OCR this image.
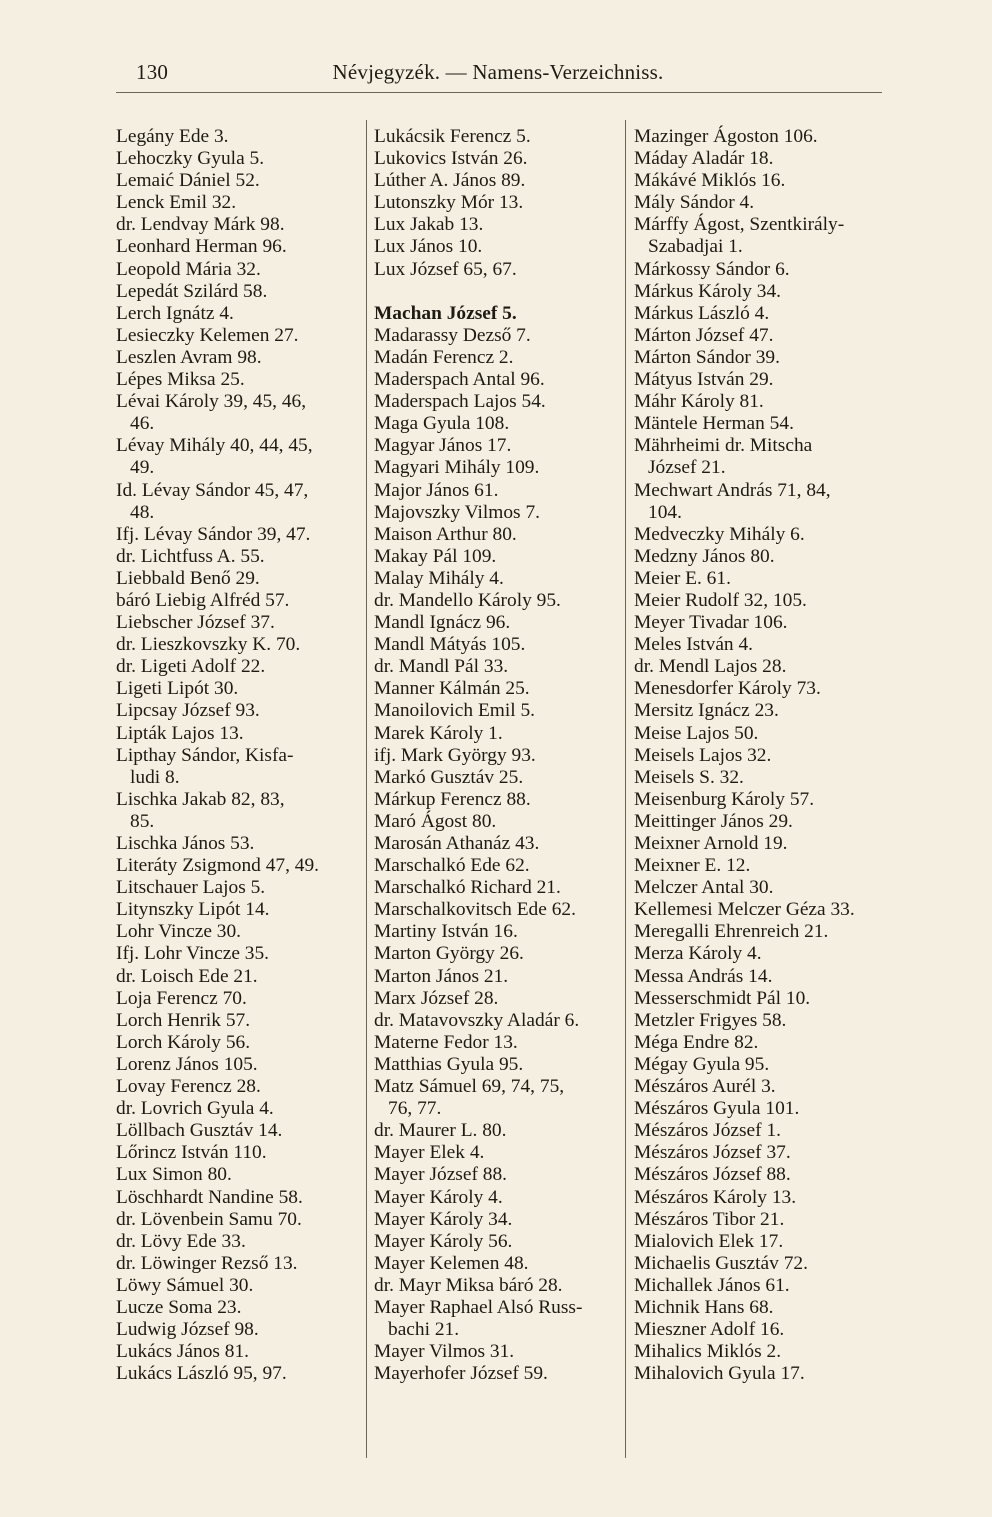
130	Névjegyzék. — Namens-Verzeichniss.
Legány Ede 3.
Lehoczky Gyula 5.
Lemaić Dániel 52.
Lenck Emil 32.
dr. Lendvay Márk 98.
Leonhard Herman 96.
Leopold Mária 32.
Lepedát Szilárd 58.
Lerch Ignátz 4.
Lesieczky Kelemen 27.
Leszlen Avram 98.
Lépes Miksa 25.
Lévai Károly 39, 45, 46,
46.
Lévay Mihály 40, 44, 45,
49.
Id. Lévay Sándor 45, 47,
48.
Ifj. Lévay Sándor 39, 47.
dr. Lichtfuss A. 55.
Liebbald Benő 29.
báró Liebig Alfréd 57.
Liebscher József 37.
dr. Lieszkovszky K. 70.
dr. Ligeti Adolf 22.
Ligeti Lipót 30.
Lipcsay József 93.
Lipták Lajos 13.
Lipthay Sándor, Kisfa-
ludi 8.
Lischka Jakab 82, 83,
85.
Lischka János 53.
Literáty Zsigmond 47, 49.
Litschauer Lajos 5.
Litynszky Lipót 14.
Lohr Vincze 30.
Ifj. Lohr Vincze 35.
dr. Loisch Ede 21.
Loja Ferencz 70.
Lorch Henrik 57.
Lorch Károly 56.
Lorenz János 105.
Lovay Ferencz 28.
dr. Lovrich Gyula 4.
Löllbach Gusztáv 14.
Lőrincz István 110.
Lux Simon 80.
Löschhardt Nandine 58.
dr. Lövenbein Samu 70.
dr. Lövy Ede 33.
dr. Löwinger Rezső 13.
Löwy Sámuel 30.
Lucze Soma 23.
Ludwig József 98.
Lukács János 81.
Lukács László 95, 97.
Lukácsik Ferencz 5.
Lukovics István 26.
Lúther A. János 89.
Lutonszky Mór 13.
Lux Jakab 13.
Lux János 10.
Lux József 65, 67.
Machan József 5.
Madarassy Dezső 7.
Madán Ferencz 2.
Maderspach Antal 96.
Maderspach Lajos 54.
Maga Gyula 108.
Magyar János 17.
Magyari Mihály 109.
Major János 61.
Majovszky Vilmos 7.
Maison Arthur 80.
Makay Pál 109.
Malay Mihály 4.
dr. Mandello Károly 95.
Mandl Ignácz 96.
Mandl Mátyás 105.
dr. Mandl Pál 33.
Manner Kálmán 25.
Manoilovich Emil 5.
Marek Károly 1.
ifj. Mark György 93.
Markó Gusztáv 25.
Márkup Ferencz 88.
Maró Ágost 80.
Marosán Athanáz 43.
Marschalkó Ede 62.
Marschalkó Richard 21.
Marschalkovitsch Ede 62.
Martiny István 16.
Marton György 26.
Marton János 21.
Marx József 28.
dr. Matavovszky Aladár 6.
Materne Fedor 13.
Matthias Gyula 95.
Matz Sámuel 69, 74, 75,
76, 77.
dr. Maurer L. 80.
Mayer Elek 4.
Mayer József 88.
Mayer Károly 4.
Mayer Károly 34.
Mayer Károly 56.
Mayer Kelemen 48.
dr. Mayr Miksa báró 28.
Mayer Raphael Alsó Russ-
bachi 21.
Mayer Vilmos 31.
Mayerhofer József 59.
Mazinger Ágoston 106.
Máday Aladár 18.
Mákávé Miklós 16.
Mály Sándor 4.
Márffy Ágost, Szentkirály-
Szabadjai 1.
Márkossy Sándor 6.
Márkus Károly 34.
Márkus László 4.
Márton József 47.
Márton Sándor 39.
Mátyus István 29.
Máhr Károly 81.
Mäntele Herman 54.
Mährheimi dr. Mitscha
József 21.
Mechwart András 71, 84,
104.
Medveczky Mihály 6.
Medzny János 80.
Meier E. 61.
Meier Rudolf 32, 105.
Meyer Tivadar 106.
Meles István 4.
dr. Mendl Lajos 28.
Menesdorfer Károly 73.
Mersitz Ignácz 23.
Meise Lajos 50.
Meisels Lajos 32.
Meisels S. 32.
Meisenburg Károly 57.
Meittinger János 29.
Meixner Arnold 19.
Meixner E. 12.
Melczer Antal 30.
Kellemesi Melczer Géza 33.
Meregalli Ehrenreich 21.
Merza Károly 4.
Messa András 14.
Messerschmidt Pál 10.
Metzler Frigyes 58.
Méga Endre 82.
Mégay Gyula 95.
Mészáros Aurél 3.
Mészáros Gyula 101.
Mészáros József 1.
Mészáros József 37.
Mészáros József 88.
Mészáros Károly 13.
Mészáros Tibor 21.
Mialovich Elek 17.
Michaelis Gusztáv 72.
Michallek János 61.
Michnik Hans 68.
Mieszner Adolf 16.
Mihalics Miklós 2.
Mihalovich Gyula 17.
